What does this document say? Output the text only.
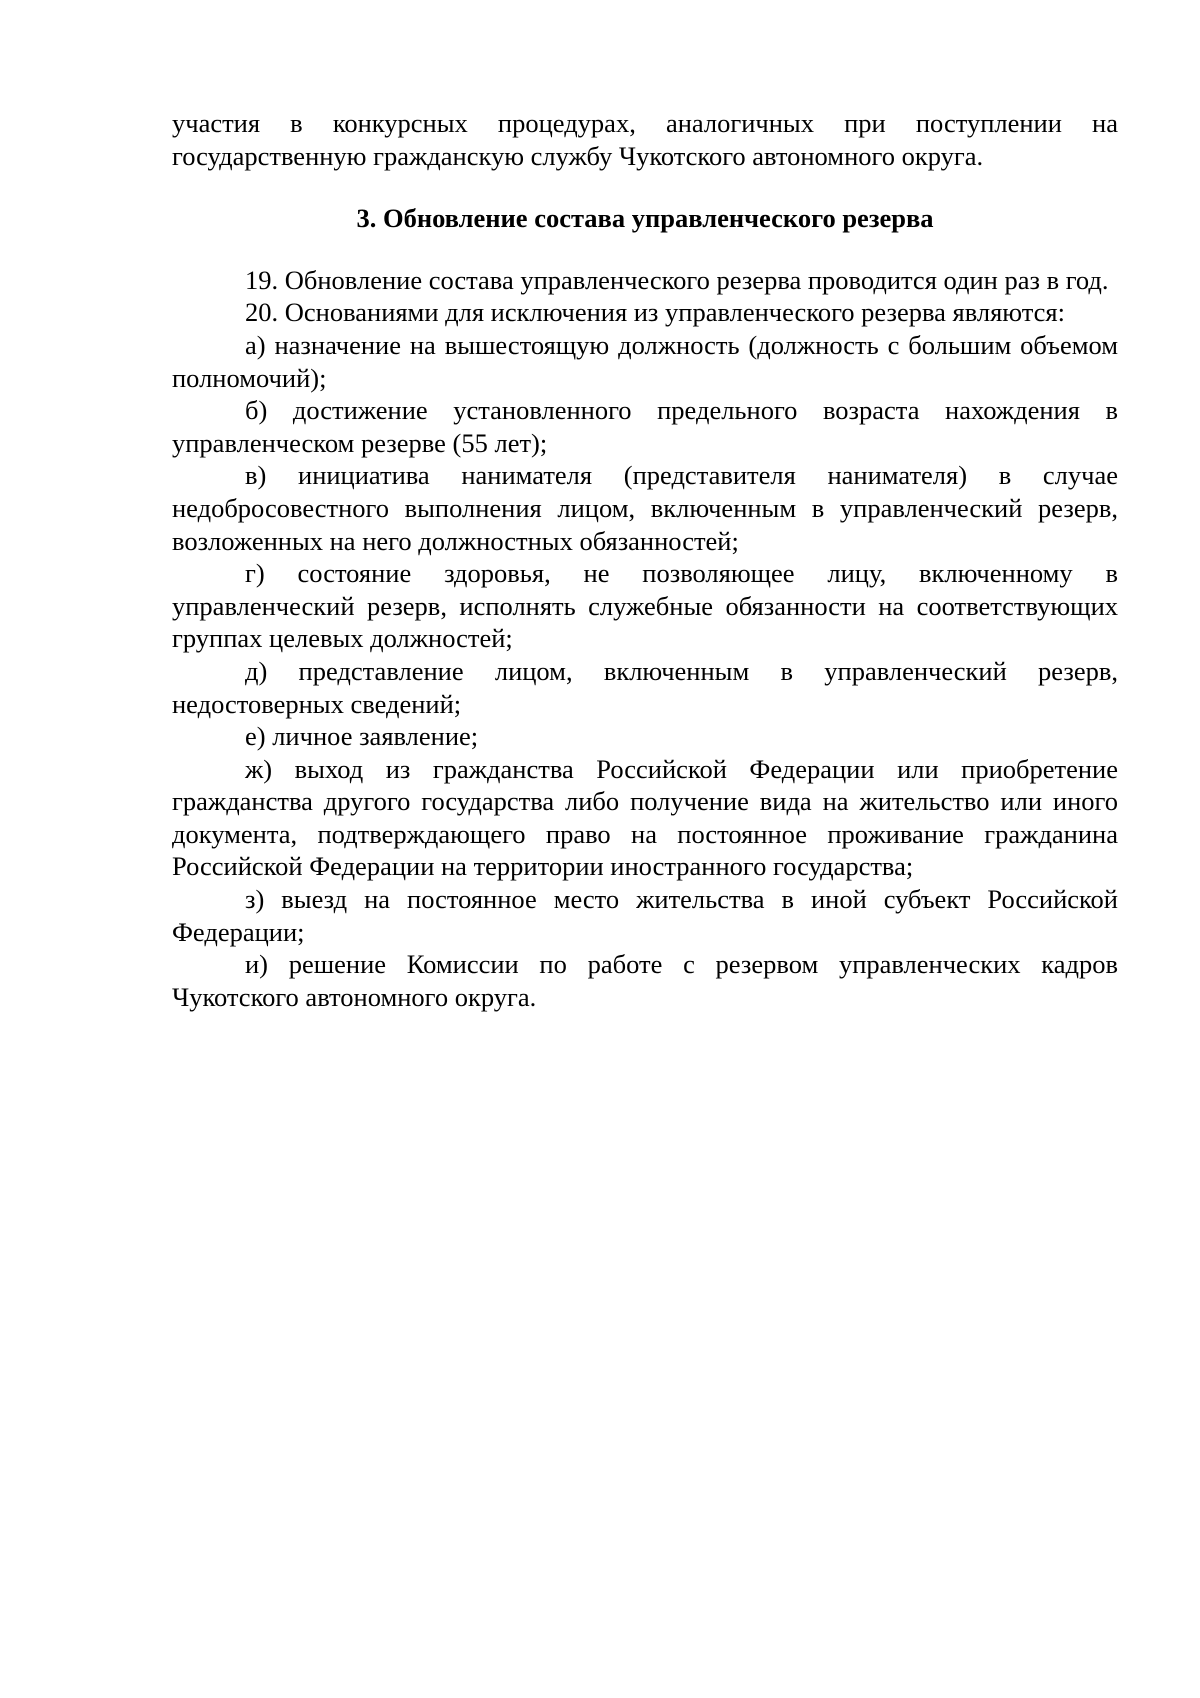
участия в конкурсных процедурах, аналогичных при поступлении на государственную гражданскую службу Чукотского автономного округа.

3. Обновление состава управленческого резерва

19. Обновление состава управленческого резерва проводится один раз в год.

20. Основаниями для исключения из управленческого резерва являются:

а) назначение на вышестоящую должность (должность с большим объемом полномочий);

б) достижение установленного предельного возраста нахождения в управленческом резерве (55 лет);

в) инициатива нанимателя (представителя нанимателя) в случае недобросовестного выполнения лицом, включенным в управленческий резерв, возложенных на него должностных обязанностей;

г) состояние здоровья, не позволяющее лицу, включенному в управленческий резерв, исполнять служебные обязанности на соответствующих группах целевых должностей;

д) представление лицом, включенным в управленческий резерв, недостоверных сведений;

е) личное заявление;

ж) выход из гражданства Российской Федерации или приобретение гражданства другого государства либо получение вида на жительство или иного документа, подтверждающего право на постоянное проживание гражданина Российской Федерации на территории иностранного государства;

з) выезд на постоянное место жительства в иной субъект Российской Федерации;

и) решение Комиссии по работе с резервом управленческих кадров Чукотского автономного округа.
